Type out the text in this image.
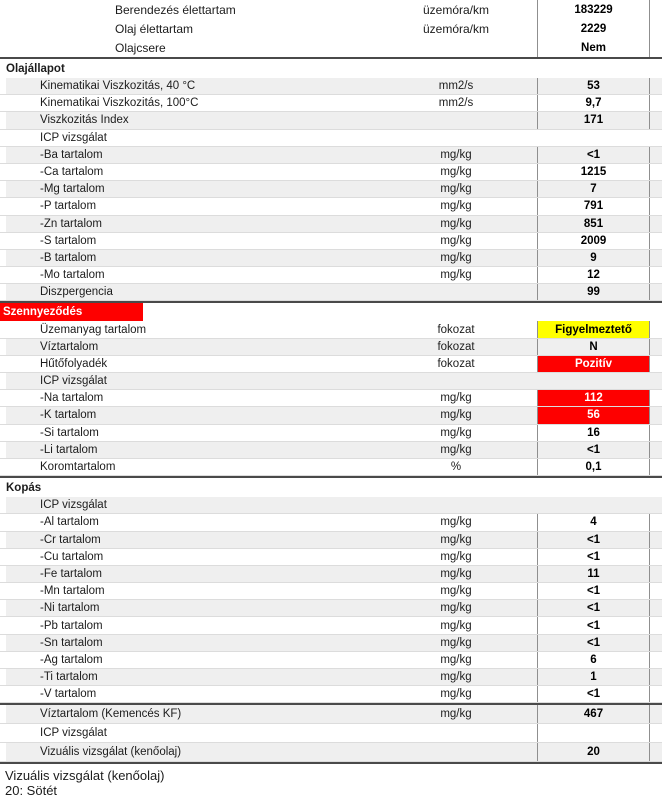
Berendezés élettartam	üzemóra/km	183229
Olaj élettartam	üzemóra/km	2229
Olajcsere	Nem
Olajállapot
Kinematikai Viszkozitás, 40 °C	mm2/s	53
Kinematikai Viszkozitás, 100°C	mm2/s	9,7
Viszkozitás Index	171
ICP vizsgálat
-Ba tartalom	mg/kg	<1
-Ca tartalom	mg/kg	1215
-Mg tartalom	mg/kg	7
-P tartalom	mg/kg	791
-Zn tartalom	mg/kg	851
-S tartalom	mg/kg	2009
-B tartalom	mg/kg	9
-Mo tartalom	mg/kg	12
Diszpergencia	99
Szennyeződés
Üzemanyag tartalom	fokozat	Figyelmeztető
Víztartalom	fokozat	N
Hűtőfolyadék	fokozat	Pozitív
ICP vizsgálat
-Na tartalom	mg/kg	112
-K tartalom	mg/kg	56
-Si tartalom	mg/kg	16
-Li tartalom	mg/kg	<1
Koromtartalom	%	0,1
Kopás
ICP vizsgálat
-Al tartalom	mg/kg	4
-Cr tartalom	mg/kg	<1
-Cu tartalom	mg/kg	<1
-Fe tartalom	mg/kg	11
-Mn tartalom	mg/kg	<1
-Ni tartalom	mg/kg	<1
-Pb tartalom	mg/kg	<1
-Sn tartalom	mg/kg	<1
-Ag tartalom	mg/kg	6
-Ti tartalom	mg/kg	1
-V tartalom	mg/kg	<1
Víztartalom (Kemencés KF)	mg/kg	467
ICP vizsgálat
Vizuális vizsgálat (kenőolaj)	20
Vizuális vizsgálat (kenőolaj)
20: Sötét
